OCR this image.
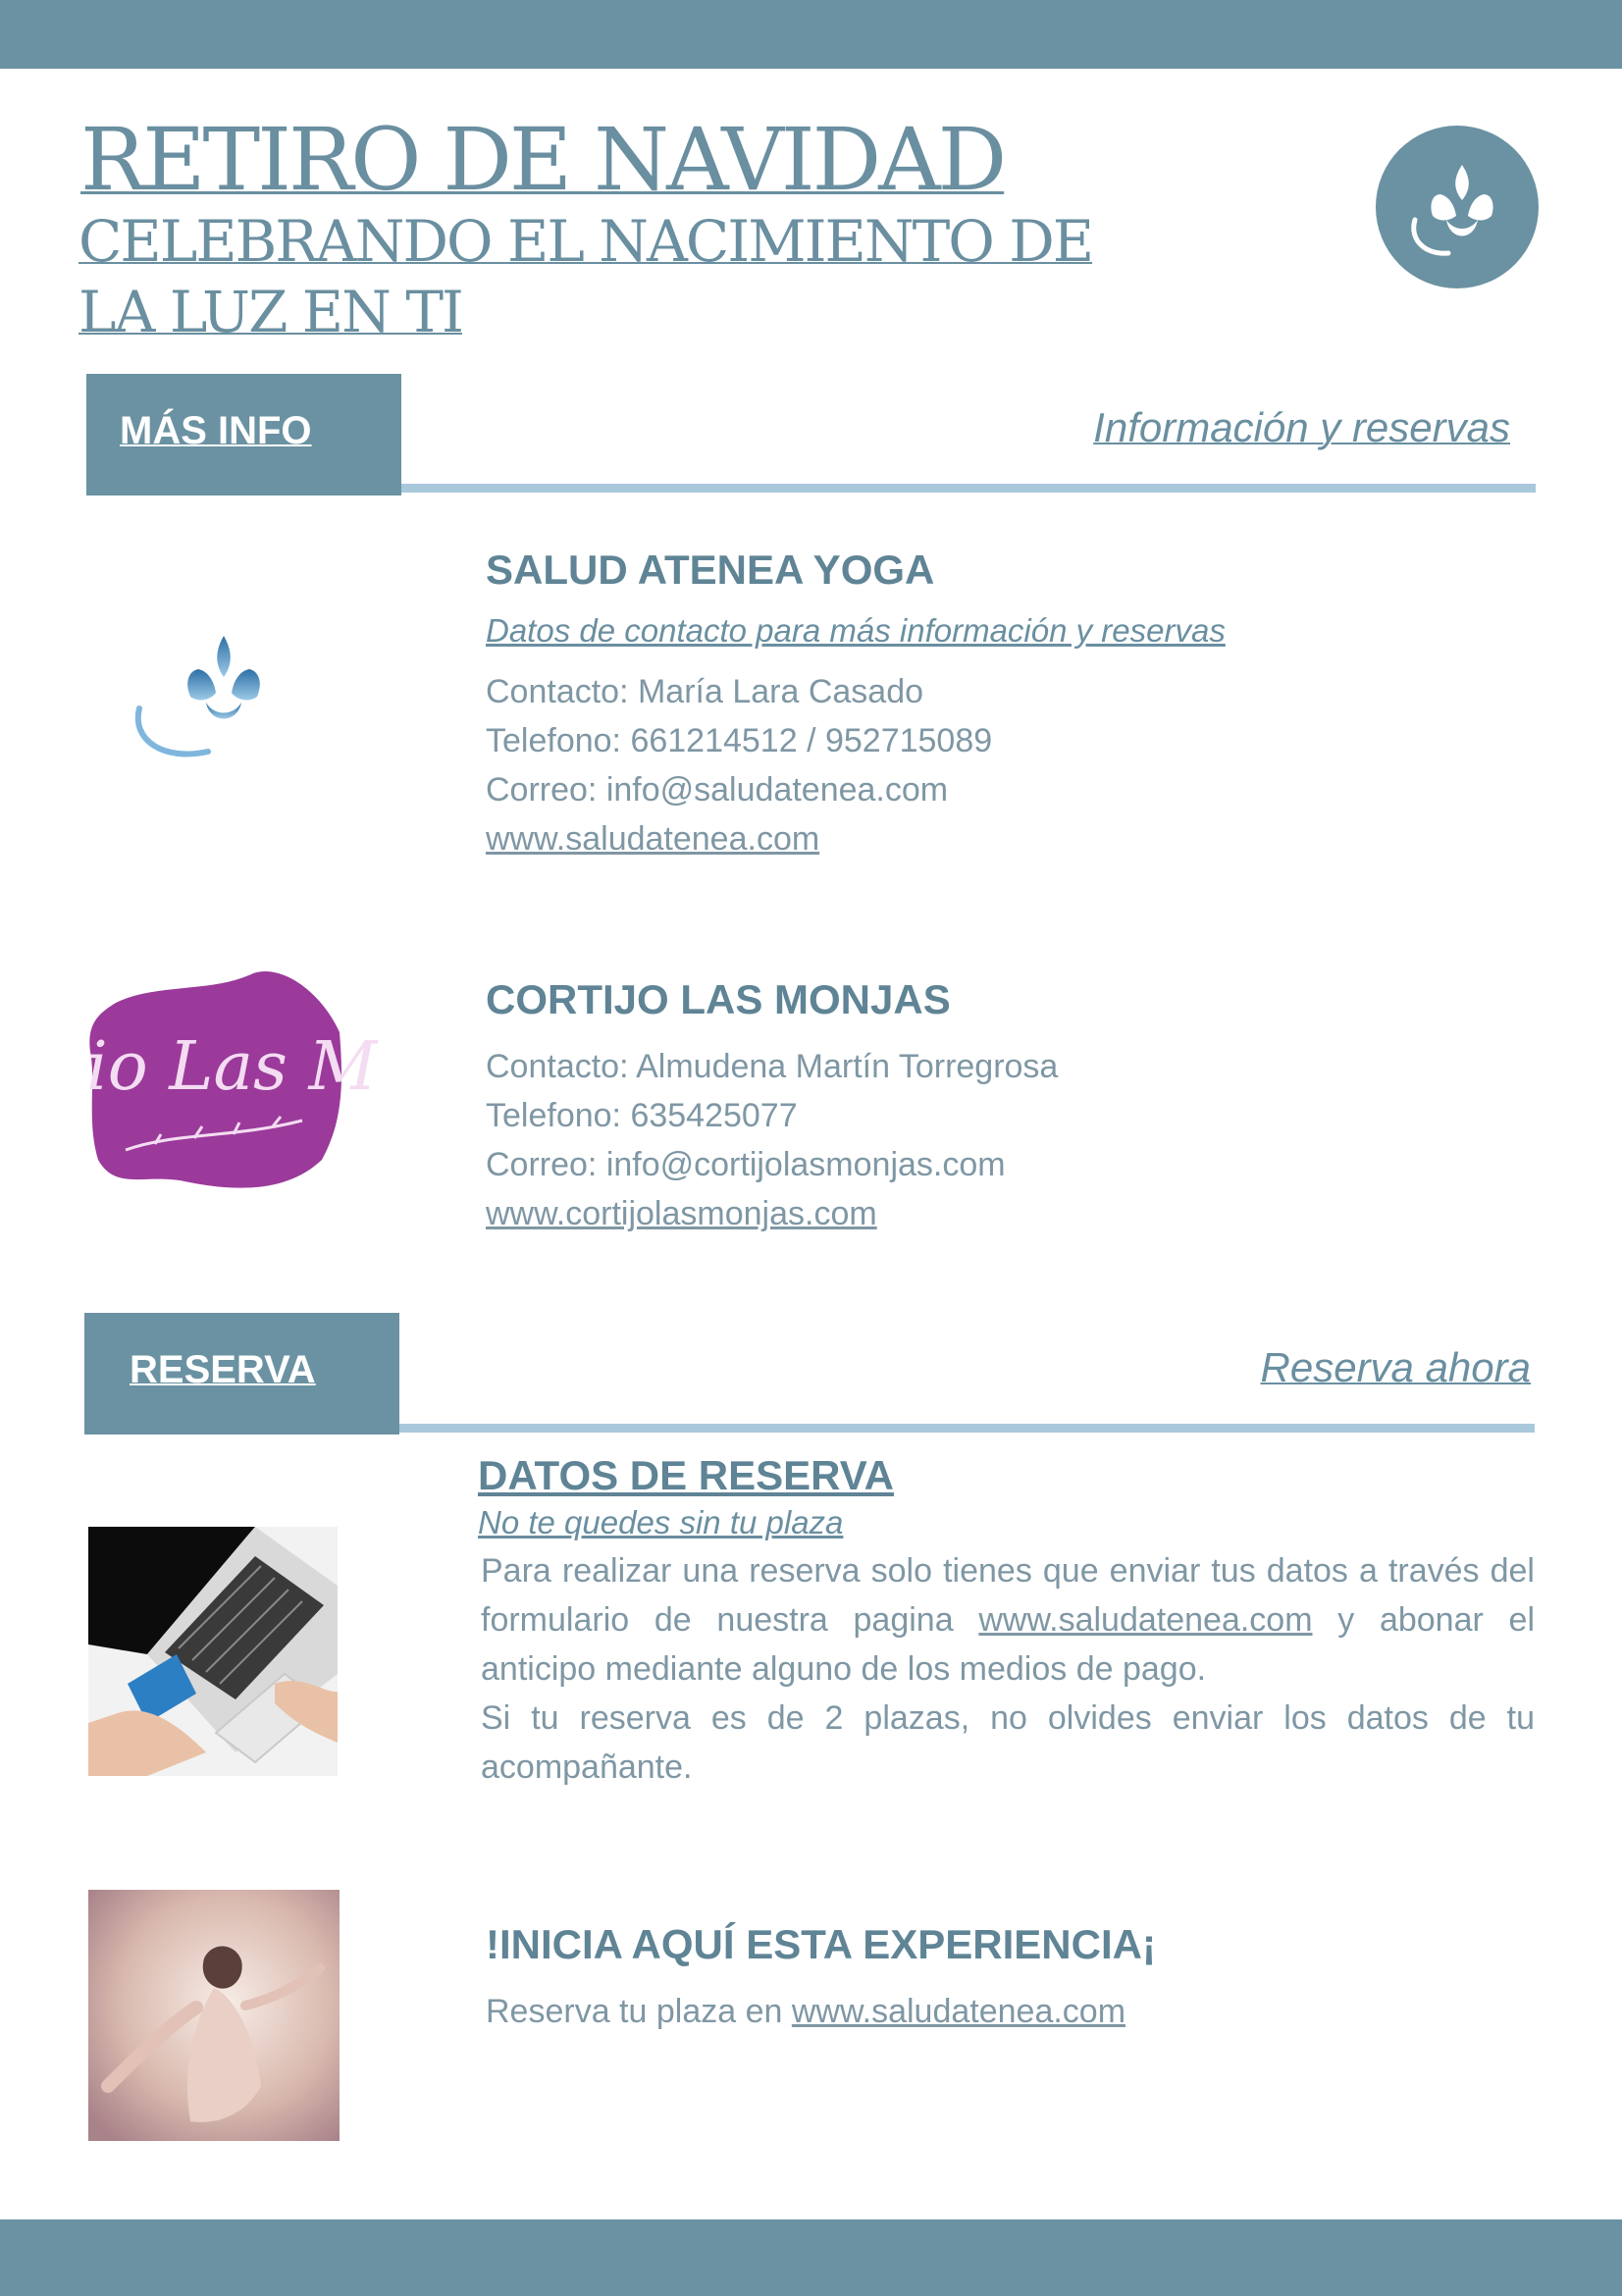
RETIRO DE NAVIDAD
CELEBRANDO EL NACIMIENTO DE LA LUZ EN TI
MÁS INFO	Información y reservas
SALUD ATENEA YOGA
Datos de contacto para más información y reservas
Contacto: María Lara Casado
Telefono: 661214512 / 952715089
Correo: info@saludatenea.com
www.saludatenea.com
io Las M
CORTIJO LAS MONJAS
Contacto: Almudena Martín Torregrosa
Telefono: 635425077
Correo: info@cortijolasmonjas.com
www.cortijolasmonjas.com
RESERVA	Reserva ahora
DATOS DE RESERVA
No te quedes sin tu plaza

Para realizar una reserva solo tienes que enviar tus datos a través del formulario de nuestra pagina www.saludatenea.com y abonar el anticipo mediante alguno de los medios de pago.

Si tu reserva es de 2 plazas, no olvides enviar los datos de tu acompañante.

!INICIA AQUÍ ESTA EXPERIENCIA¡
Reserva tu plaza en www.saludatenea.com
